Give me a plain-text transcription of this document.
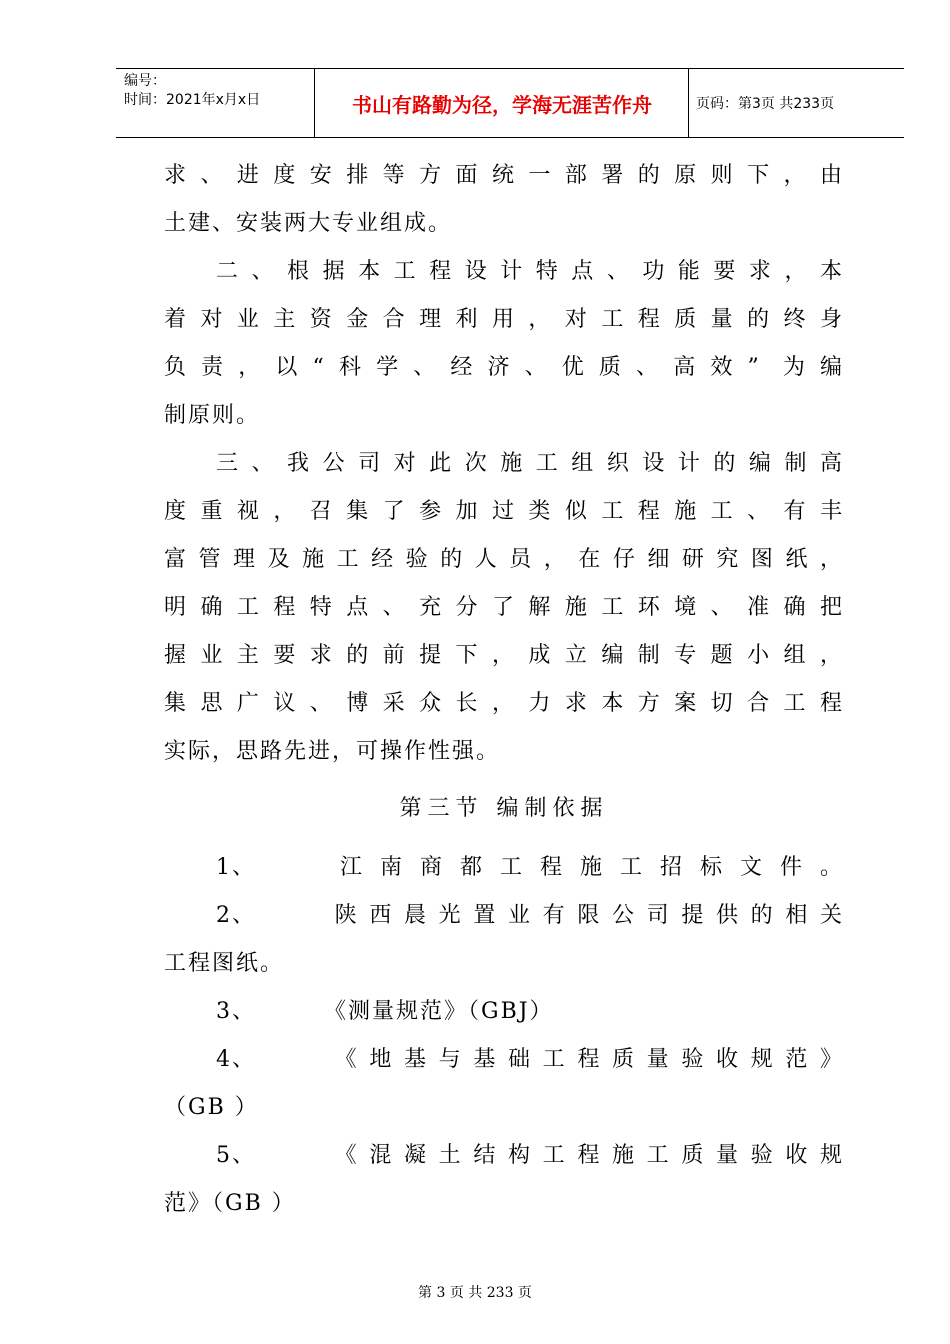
编号：
时间：2021年x月x日	书山有路勤为径，学海无涯苦作舟	页码：第3页 共233页
求、进度安排等方面统一部署的原则下，由
土建、安装两大专业组成。
二、根据本工程设计特点、功能要求，本
着对业主资金合理利用，对工程质量的终身
负责，以“科学、经济、优质、高效” 为编
制原则。
三、我公司对此次施工组织设计的编制高
度重视，召集了参加过类似工程施工、有丰
富管理及施工经验的人员，在仔细研究图纸，
明确工程特点、充分了解施工环境、准确把
握业主要求的前提下，成立编制专题小组，
集思广议、博采众长，力求本方案切合工程
实际，思路先进，可操作性强。
第三节 编制依据
1、	江南商都工程施工招标文件。
2、	陕西晨光置业有限公司提供的相关
工程图纸。
3、	《测量规范》（GBJ）
4、	《地基与基础工程质量验收规范》
（GB ）
5、	《混凝土结构工程施工质量验收规
范》（GB ）
第 3 页 共 233 页
